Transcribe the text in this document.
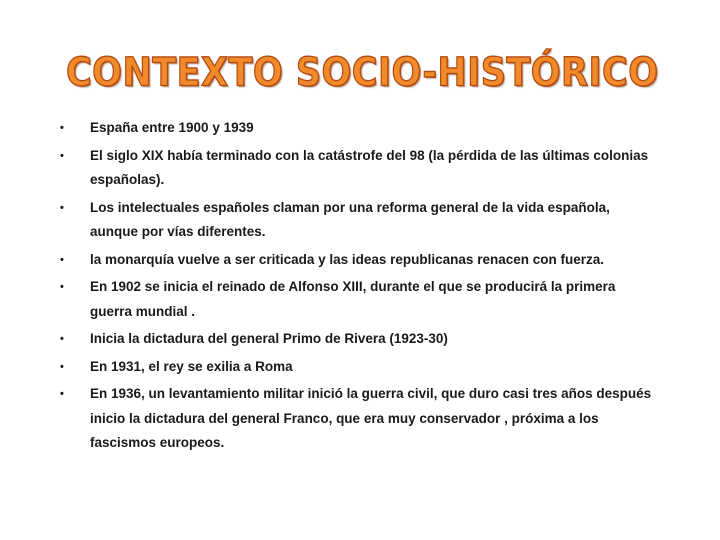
CONTEXTO SOCIO-HISTÓRICO
•	España entre 1900 y 1939
•	El siglo XIX había terminado con la catástrofe del 98 (la pérdida de las últimas colonias españolas).
•	Los intelectuales españoles claman por una reforma general de la vida española, aunque por vías diferentes.
•	la monarquía vuelve a ser criticada y las ideas republicanas renacen con fuerza.
•	En 1902 se inicia el reinado de Alfonso XIII, durante el que se producirá la primera guerra mundial .
•	Inicia la dictadura del general Primo de Rivera (1923-30)
•	En 1931, el rey se exilia a Roma
•	En 1936, un levantamiento militar inició la guerra civil, que duro casi tres años después inicio la dictadura del general Franco, que era muy conservador , próxima a los fascismos europeos.
